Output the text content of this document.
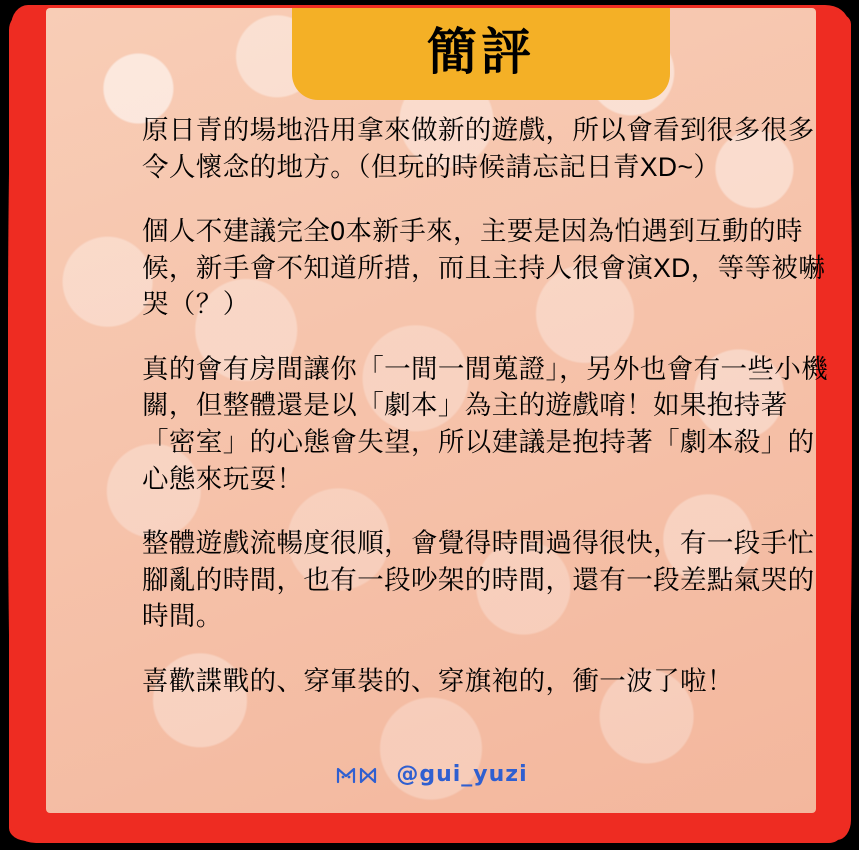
簡評

原日青的場地沿用拿來做新的遊戲，所以會看到很多很多令人懷念的地方。（但玩的時候請忘記日青XD~）

個人不建議完全0本新手來，主要是因為怕遇到互動的時候，新手會不知道所措，而且主持人很會演XD，等等被嚇哭（？）

真的會有房間讓你「一間一間蒐證」，另外也會有一些小機關，但整體還是以「劇本」為主的遊戲唷！如果抱持著「密室」的心態會失望，所以建議是抱持著「劇本殺」的心態來玩耍！

整體遊戲流暢度很順，會覺得時間過得很快，有一段手忙腳亂的時間，也有一段吵架的時間，還有一段差點氣哭的時間。

喜歡諜戰的、穿軍裝的、穿旗袍的，衝一波了啦！

@gui_yuzi
